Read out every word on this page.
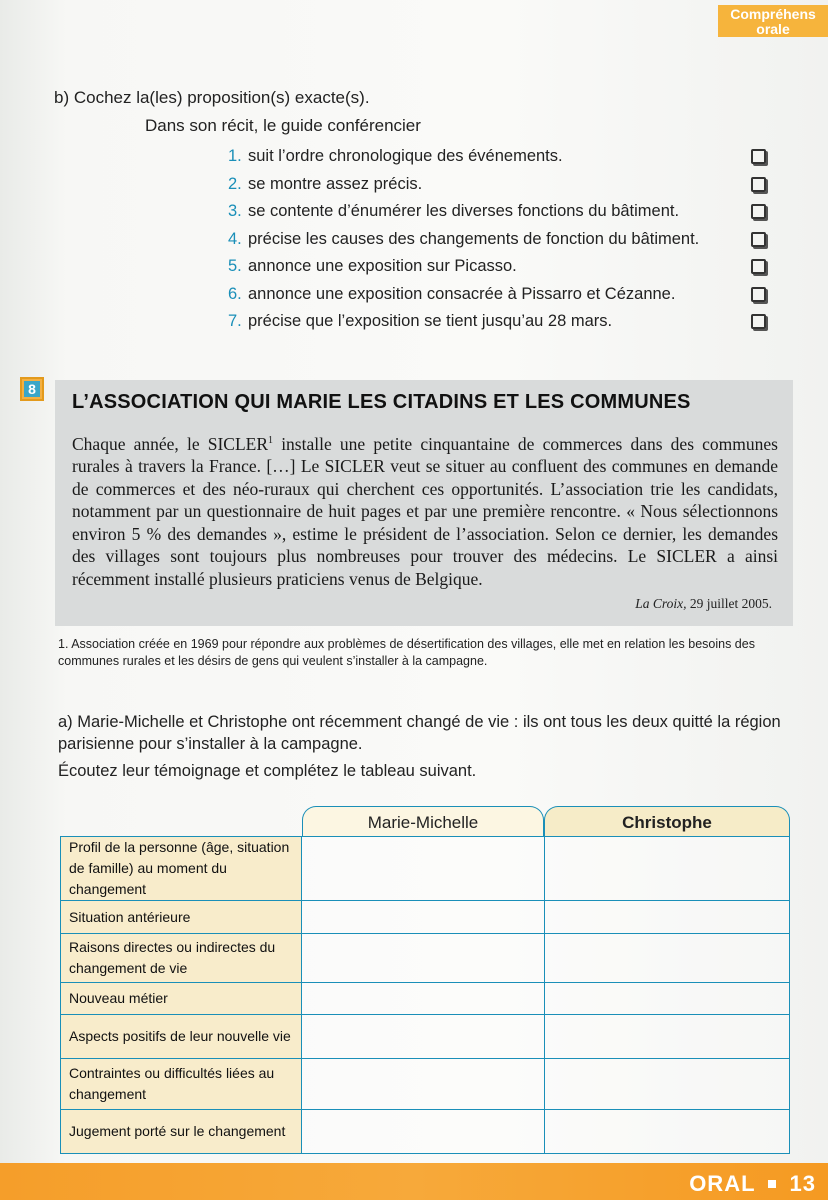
Compréhens
orale
b) Cochez la(les) proposition(s) exacte(s).
Dans son récit, le guide conférencier
1. suit l’ordre chronologique des événements.
2. se montre assez précis.
3. se contente d’énumérer les diverses fonctions du bâtiment.
4. précise les causes des changements de fonction du bâtiment.
5. annonce une exposition sur Picasso.
6. annonce une exposition consacrée à Pissarro et Cézanne.
7. précise que l’exposition se tient jusqu’au 28 mars.
8
L’ASSOCIATION QUI MARIE LES CITADINS ET LES COMMUNES
Chaque année, le SICLER$^1$ installe une petite cinquantaine de commerces dans des communes rurales à travers la France. […] Le SICLER veut se situer au confluent des communes en demande de commerces et des néo-ruraux qui cherchent ces opportunités. L’association trie les candidats, notamment par un questionnaire de huit pages et par une première rencontre. « Nous sélectionnons environ 5 % des demandes », estime le président de l’association. Selon ce dernier, les demandes des villages sont toujours plus nombreuses pour trouver des médecins. Le SICLER a ainsi récemment installé plusieurs praticiens venus de Belgique.
La Croix, 29 juillet 2005.
1. Association créée en 1969 pour répondre aux problèmes de désertification des villages, elle met en relation les besoins des communes rurales et les désirs de gens qui veulent s’installer à la campagne.
a) Marie-Michelle et Christophe ont récemment changé de vie : ils ont tous les deux quitté la région parisienne pour s’installer à la campagne.
Écoutez leur témoignage et complétez le tableau suivant.
Marie-Michelle	Christophe
Profil de la personne (âge, situation de famille) au moment du changement		
Situation antérieure		
Raisons directes ou indirectes du changement de vie		
Nouveau métier		
Aspects positifs de leur nouvelle vie		
Contraintes ou difficultés liées au changement		
Jugement porté sur le changement		
ORAL 13
